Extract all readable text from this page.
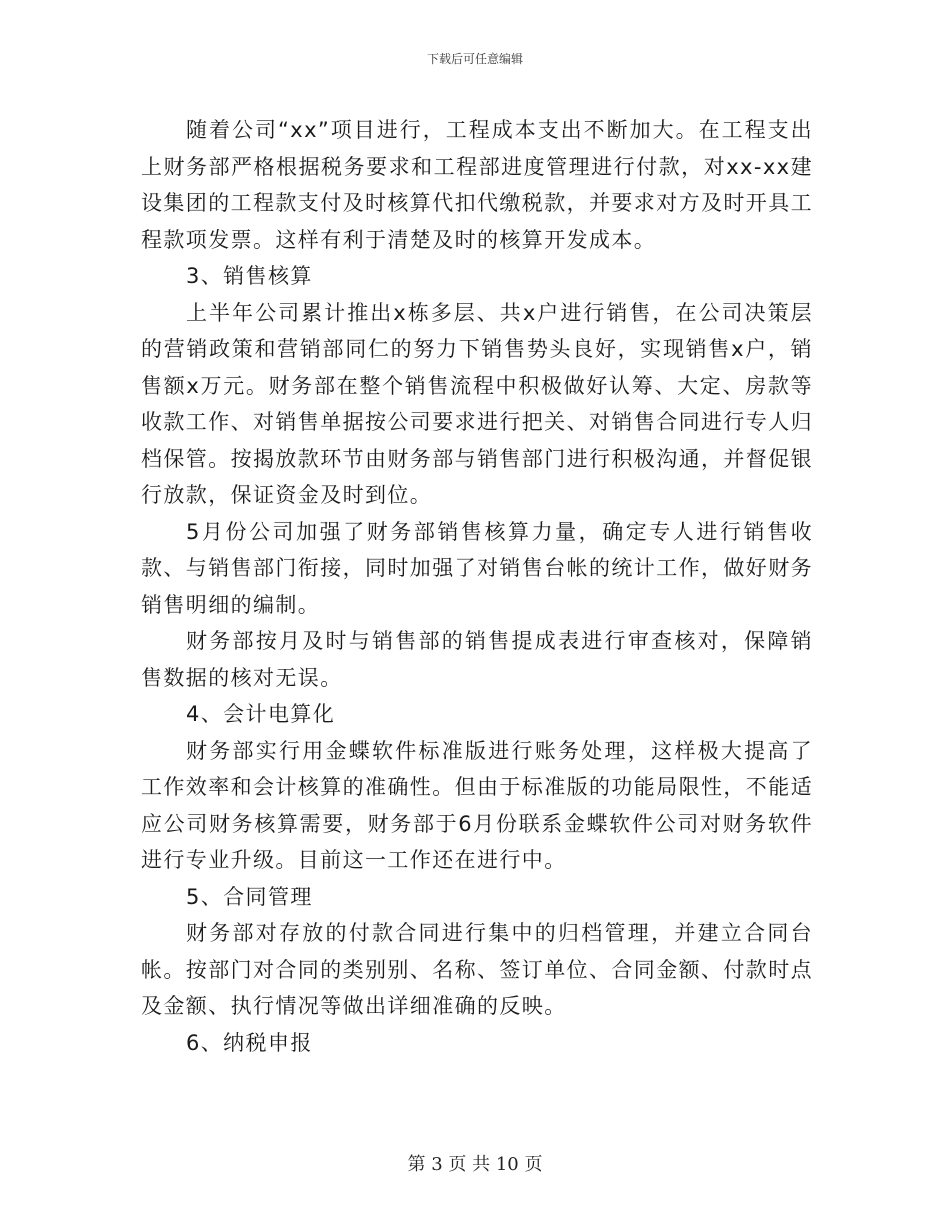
下载后可任意编辑

随着公司“xx”项目进行，工程成本支出不断加大。在工程支出上财务部严格根据税务要求和工程部进度管理进行付款，对xx-xx建设集团的工程款支付及时核算代扣代缴税款，并要求对方及时开具工程款项发票。这样有利于清楚及时的核算开发成本。

3、销售核算

上半年公司累计推出x栋多层、共x户进行销售，在公司决策层的营销政策和营销部同仁的努力下销售势头良好，实现销售x户，销售额x万元。财务部在整个销售流程中积极做好认筹、大定、房款等收款工作、对销售单据按公司要求进行把关、对销售合同进行专人归档保管。按揭放款环节由财务部与销售部门进行积极沟通，并督促银行放款，保证资金及时到位。

5月份公司加强了财务部销售核算力量，确定专人进行销售收款、与销售部门衔接，同时加强了对销售台帐的统计工作，做好财务销售明细的编制。

财务部按月及时与销售部的销售提成表进行审查核对，保障销售数据的核对无误。

4、会计电算化

财务部实行用金蝶软件标准版进行账务处理，这样极大提高了工作效率和会计核算的准确性。但由于标准版的功能局限性，不能适应公司财务核算需要，财务部于6月份联系金蝶软件公司对财务软件进行专业升级。目前这一工作还在进行中。

5、合同管理

财务部对存放的付款合同进行集中的归档管理，并建立合同台帐。按部门对合同的类别别、名称、签订单位、合同金额、付款时点及金额、执行情况等做出详细准确的反映。

6、纳税申报

第 3 页 共 10 页
